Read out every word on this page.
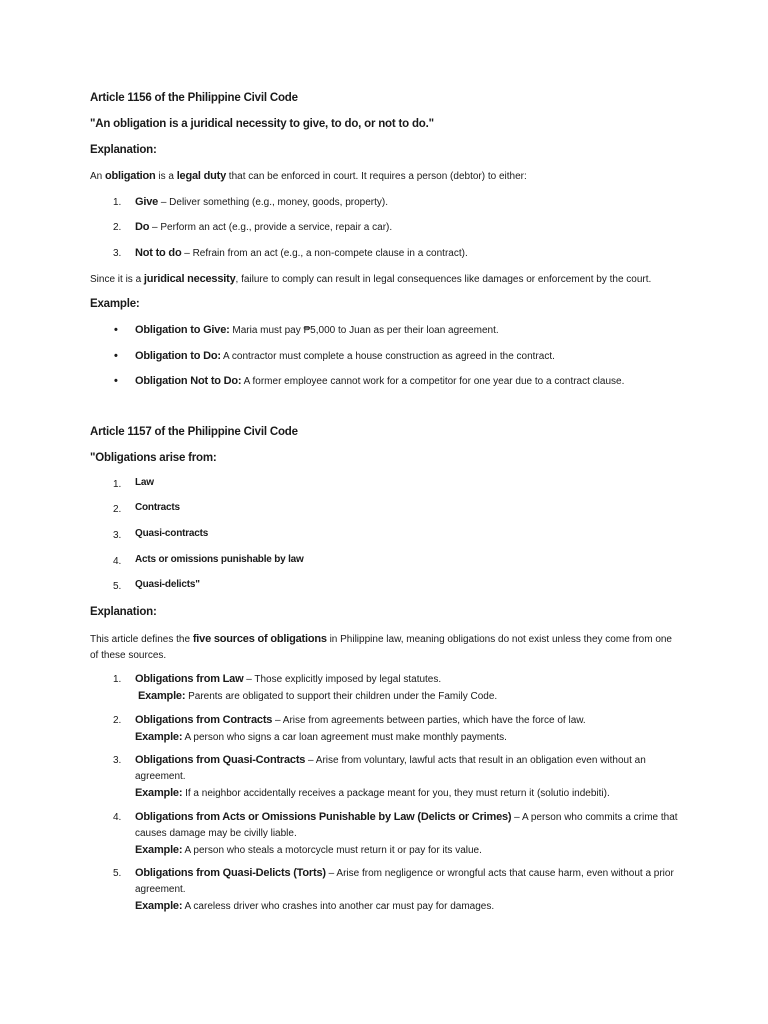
Article 1156 of the Philippine Civil Code
"An obligation is a juridical necessity to give, to do, or not to do."
Explanation:
An obligation is a legal duty that can be enforced in court. It requires a person (debtor) to either:
1. Give – Deliver something (e.g., money, goods, property).
2. Do – Perform an act (e.g., provide a service, repair a car).
3. Not to do – Refrain from an act (e.g., a non-compete clause in a contract).
Since it is a juridical necessity, failure to comply can result in legal consequences like damages or enforcement by the court.
Example:
• Obligation to Give: Maria must pay ₱5,000 to Juan as per their loan agreement.
• Obligation to Do: A contractor must complete a house construction as agreed in the contract.
• Obligation Not to Do: A former employee cannot work for a competitor for one year due to a contract clause.
Article 1157 of the Philippine Civil Code
"Obligations arise from:
1. Law
2. Contracts
3. Quasi-contracts
4. Acts or omissions punishable by law
5. Quasi-delicts"
Explanation:
This article defines the five sources of obligations in Philippine law, meaning obligations do not exist unless they come from one of these sources.
1. Obligations from Law – Those explicitly imposed by legal statutes.
Example: Parents are obligated to support their children under the Family Code.
2. Obligations from Contracts – Arise from agreements between parties, which have the force of law.
Example: A person who signs a car loan agreement must make monthly payments.
3. Obligations from Quasi-Contracts – Arise from voluntary, lawful acts that result in an obligation even without an agreement.
Example: If a neighbor accidentally receives a package meant for you, they must return it (solutio indebiti).
4. Obligations from Acts or Omissions Punishable by Law (Delicts or Crimes) – A person who commits a crime that causes damage may be civilly liable.
Example: A person who steals a motorcycle must return it or pay for its value.
5. Obligations from Quasi-Delicts (Torts) – Arise from negligence or wrongful acts that cause harm, even without a prior agreement.
Example: A careless driver who crashes into another car must pay for damages.
